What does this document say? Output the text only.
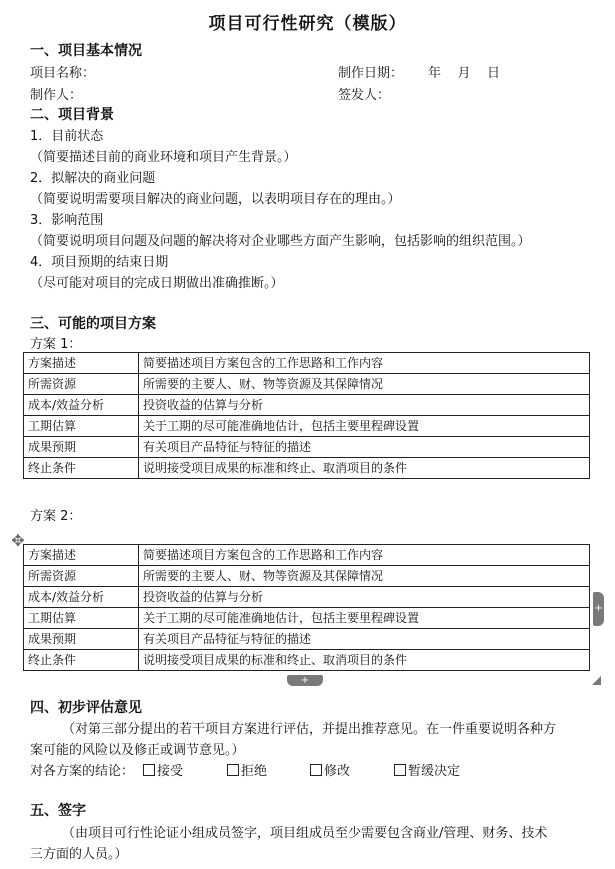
项目可行性研究（模版）
一、项目基本情况
项目名称：	制作日期： 年    月    日
制作人：	签发人：
二、项目背景
1．目前状态
（简要描述目前的商业环境和项目产生背景。）
2．拟解决的商业问题
（简要说明需要项目解决的商业问题，以表明项目存在的理由。）
3．影响范围
（简要说明项目问题及问题的解决将对企业哪些方面产生影响，包括影响的组织范围。）
4．项目预期的结束日期
（尽可能对项目的完成日期做出准确推断。）
三、可能的项目方案
方案 1：
方案描述	简要描述项目方案包含的工作思路和工作内容
所需资源	所需要的主要人、财、物等资源及其保障情况
成本/效益分析	投资收益的估算与分析
工期估算	关于工期的尽可能准确地估计，包括主要里程碑设置
成果预期	有关项目产品特征与特征的描述
终止条件	说明接受项目成果的标准和终止、取消项目的条件
方案 2：
✥
方案描述	简要描述项目方案包含的工作思路和工作内容
所需资源	所需要的主要人、财、物等资源及其保障情况
成本/效益分析	投资收益的估算与分析
工期估算	关于工期的尽可能准确地估计，包括主要里程碑设置
成果预期	有关项目产品特征与特征的描述
终止条件	说明接受项目成果的标准和终止、取消项目的条件
+
+
四、初步评估意见
（对第三部分提出的若干项目方案进行评估，并提出推荐意见。在一件重要说明各种方
案可能的风险以及修正或调节意见。）
对各方案的结论：	接受	拒绝	修改	暂缓决定
五、签字
（由项目可行性论证小组成员签字，项目组成员至少需要包含商业/管理、财务、技术
三方面的人员。）
